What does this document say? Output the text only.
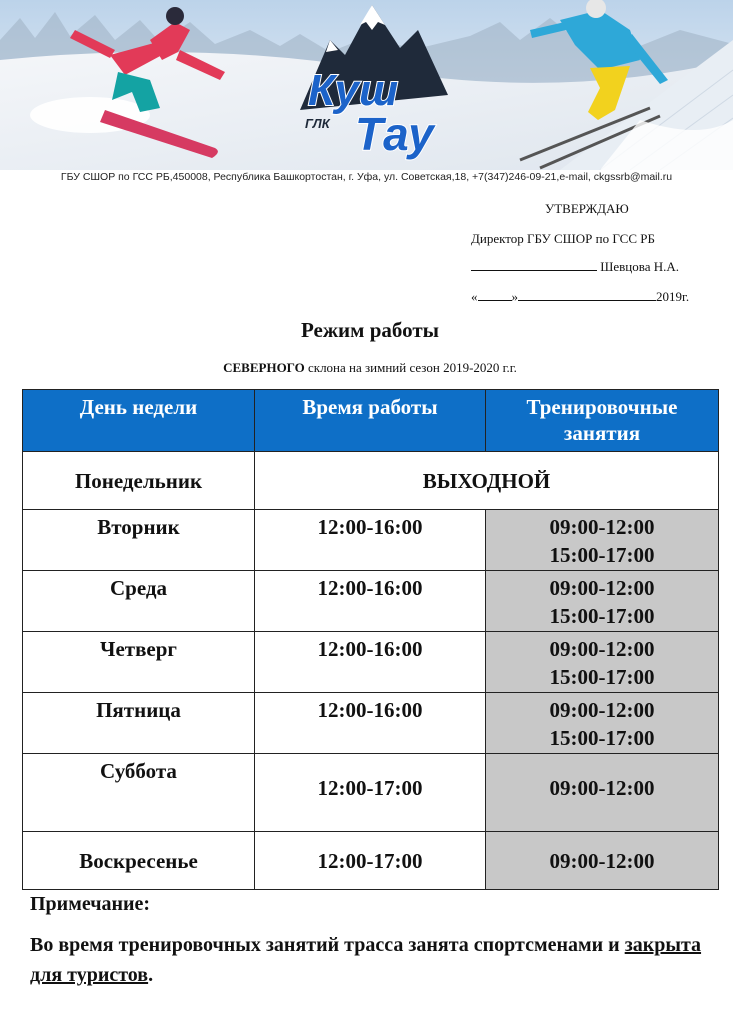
Куш
Тау
ГЛК
ГБУ СШОР по ГСС РБ,450008, Республика Башкортостан, г. Уфа, ул. Советская,18, +7(347)246-09-21,e-mail, ckgssrb@mail.ru
УТВЕРЖДАЮ
Директор ГБУ СШОР по ГСС РБ
Шевцова Н.А.
«	»	2019г.
Режим работы
СЕВЕРНОГО склона на зимний сезон 2019-2020 г.г.
День недели	Время работы	Тренировочные занятия
Понедельник	ВЫХОДНОЙ	
Вторник	12:00-16:00	09:00-12:00
15:00-17:00

Среда	12:00-16:00	09:00-12:00
15:00-17:00

Четверг	12:00-16:00	09:00-12:00
15:00-17:00

Пятница	12:00-16:00	09:00-12:00
15:00-17:00

Суббота	12:00-17:00	09:00-12:00
Воскресенье	12:00-17:00	09:00-12:00
Примечание:
Во время тренировочных занятий трасса занята спортсменами и закрыта для туристов.
